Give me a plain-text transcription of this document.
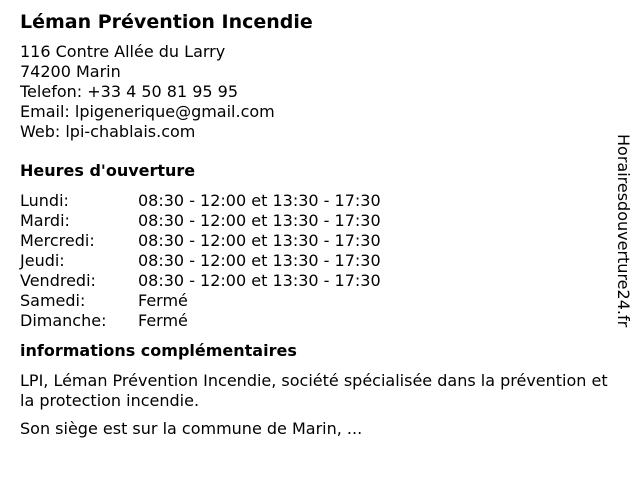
Léman Prévention Incendie
116 Contre Allée du Larry
74200 Marin
Telefon: +33 4 50 81 95 95
Email: lpigenerique@gmail.com
Web: lpi-chablais.com
Heures d'ouverture
Lundi:	08:30 - 12:00 et 13:30 - 17:30
Mardi:	08:30 - 12:00 et 13:30 - 17:30
Mercredi:	08:30 - 12:00 et 13:30 - 17:30
Jeudi:	08:30 - 12:00 et 13:30 - 17:30
Vendredi:	08:30 - 12:00 et 13:30 - 17:30
Samedi:	Fermé
Dimanche:	Fermé
informations complémentaires
LPI, Léman Prévention Incendie, société spécialisée dans la prévention et la protection incendie.
Son siège est sur la commune de Marin, ...
Horairesdouverture24.fr
